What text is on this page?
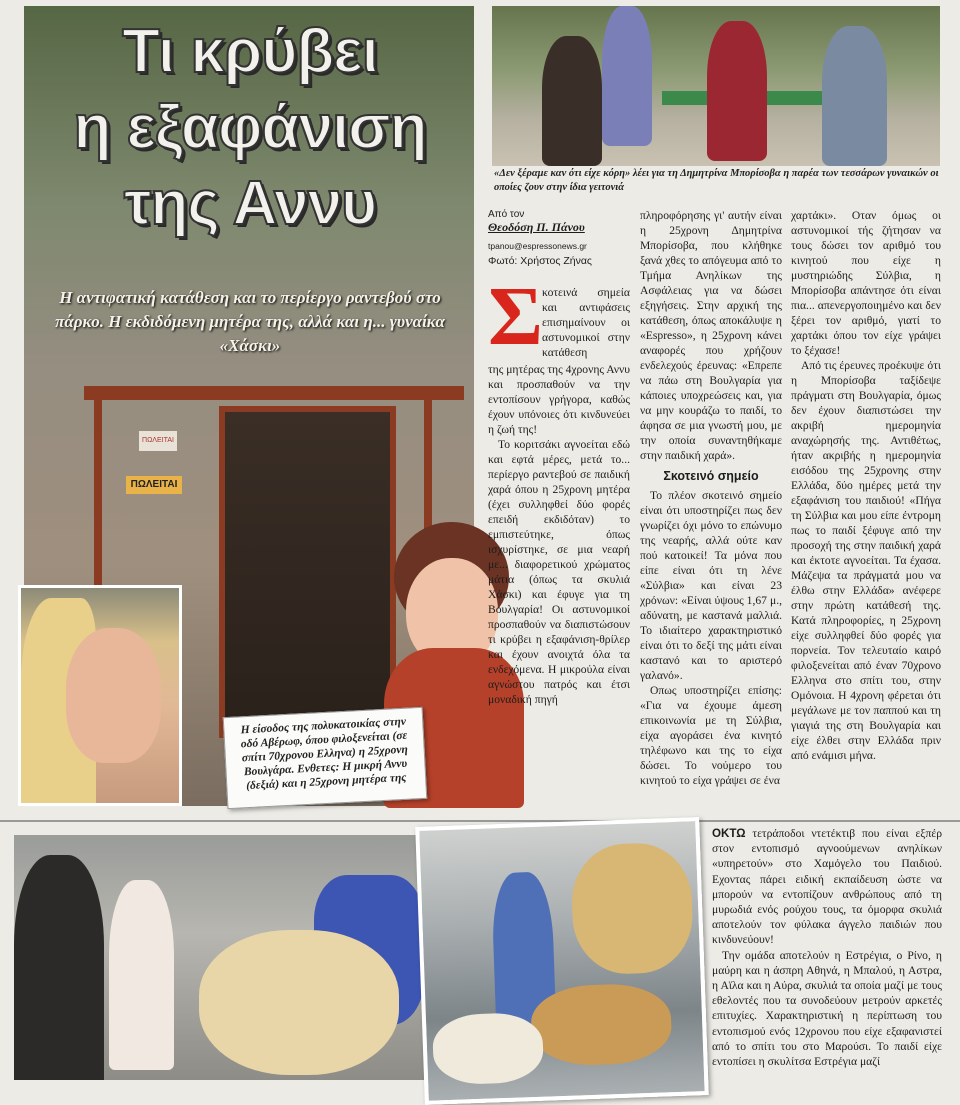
ΠΩΛΕΙΤΑΙ
ΠΩΛΕΙΤΑΙ
Τι κρύβει
η εξαφάνιση
της Αννυ
Η αντιφατική κατάθεση και το περίεργο ραντεβού στο πάρκο. Η εκδιδόμενη μητέρα της, αλλά και η... γυναίκα «Χάσκι»
Η είσοδος της πολυκατοικίας στην οδό Αβέρωφ, όπου φιλοξενείται (σε σπίτι 70χρονου Ελληνα) η 25χρονη Βουλγάρα. Ενθετες: Η μικρή Αννυ (δεξιά) και η 25χρονη μητέρα της
«Δεν ξέραμε καν ότι είχε κόρη» λέει για τη Δημητρίνα Μπορίσοβα η παρέα των τεσσάρων γυναικών οι οποίες ζουν στην ίδια γειτονιά
Από τον
Θεοδόση Π. Πάνου
tpanou@espressonews.gr
Φωτό: Χρήστος Ζήνας
Σ κοτεινά σημεία και αντιφάσεις επισημαίνουν οι αστυνομικοί στην κατάθεση

της μητέρας της 4χρονης Αννυ και προσπαθούν να την εντοπίσουν γρήγορα, καθώς έχουν υπόνοιες ότι κινδυνεύει η ζωή της!

Το κοριτσάκι αγνοείται εδώ και εφτά μέρες, μετά το... περίεργο ραντεβού σε παιδική χαρά όπου η 25χρονη μητέρα (έχει συλληφθεί δύο φορές επειδή εκδιδόταν) το εμπιστεύτηκε, όπως ισχυρίστηκε, σε μια νεαρή με... διαφορετικού χρώματος μάτια (όπως τα σκυλιά Χάσκι) και έφυγε για τη Βουλγαρία! Οι αστυνομικοί προσπαθούν να διαπιστώσουν τι κρύβει η εξαφάνιση-θρίλερ και έχουν ανοιχτά όλα τα ενδεχόμενα. Η μικρούλα είναι αγνώστου πατρός και έτσι μοναδική πηγή

πληροφόρησης γι' αυτήν είναι η 25χρονη Δημητρίνα Μπορίσοβα, που κλήθηκε ξανά χθες το απόγευμα από το Τμήμα Ανηλίκων της Ασφάλειας για να δώσει εξηγήσεις. Στην αρχική της κατάθεση, όπως αποκάλυψε η «Espresso», η 25χρονη κάνει αναφορές που χρήζουν ενδελεχούς έρευνας: «Επρεπε να πάω στη Βουλγαρία για κάποιες υποχρεώσεις και, για να μην κουράζω το παιδί, το άφησα σε μια γνωστή μου, με την οποία συναντηθήκαμε στην παιδική χαρά».

Σκοτεινό σημείο

Το πλέον σκοτεινό σημείο είναι ότι υποστηρίζει πως δεν γνωρίζει όχι μόνο το επώνυμο της νεαρής, αλλά ούτε καν πού κατοικεί! Τα μόνα που είπε είναι ότι τη λένε «Σύλβια» και είναι 23 χρόνων: «Είναι ύψους 1,67 μ., αδύνατη, με καστανά μαλλιά. Το ιδιαίτερο χαρακτηριστικό είναι ότι το δεξί της μάτι είναι καστανό και το αριστερό γαλανό».

Οπως υποστηρίζει επίσης: «Για να έχουμε άμεση επικοινωνία με τη Σύλβια, είχα αγοράσει ένα κινητό τηλέφωνο και της το είχα δώσει. Το νούμερο του κινητού το είχα γράψει σε ένα

χαρτάκι». Οταν όμως οι αστυνομικοί τής ζήτησαν να τους δώσει τον αριθμό του κινητού που είχε η μυστηριώδης Σύλβια, η Μπορίσοβα απάντησε ότι είναι πια... απενεργοποιημένο και δεν ξέρει τον αριθμό, γιατί το χαρτάκι όπου τον είχε γράψει το ξέχασε!

Από τις έρευνες προέκυψε ότι η Μπορίσοβα ταξίδεψε πράγματι στη Βουλγαρία, όμως δεν έχουν διαπιστώσει την ακριβή ημερομηνία αναχώρησής της. Αντιθέτως, ήταν ακριβής η ημερομηνία εισόδου της 25χρονης στην Ελλάδα, δύο ημέρες μετά την εξαφάνιση του παιδιού! «Πήγα τη Σύλβια και μου είπε έντρομη πως το παιδί ξέφυγε από την προσοχή της στην παιδική χαρά και έκτοτε αγνοείται. Τα έχασα. Μάζεψα τα πράγματά μου να έλθω στην Ελλάδα» ανέφερε στην πρώτη κατάθεσή της. Κατά πληροφορίες, η 25χρονη είχε συλληφθεί δύο φορές για πορνεία. Τον τελευταίο καιρό φιλοξενείται από έναν 70χρονο Ελληνα στο σπίτι του, στην Ομόνοια. Η 4χρονη φέρεται ότι μεγάλωνε με τον παππού και τη γιαγιά της στη Βουλγαρία και είχε έλθει στην Ελλάδα πριν από ενάμισι μήνα.

ΟΚΤΩ τετράποδοι ντετέκτιβ που είναι εξπέρ στον εντοπισμό αγνοούμενων ανηλίκων «υπηρετούν» στο Χαμόγελο του Παιδιού. Εχοντας πάρει ειδική εκπαίδευση ώστε να μπορούν να εντοπίζουν ανθρώπους από τη μυρωδιά ενός ρούχου τους, τα όμορφα σκυλιά αποτελούν τον φύλακα άγγελο παιδιών που κινδυνεύουν!

Την ομάδα αποτελούν η Εστρέγια, ο Ρίνο, η μαύρη και η άσπρη Αθηνά, η Μπαλού, η Αστρα, η Αϊλα και η Αύρα, σκυλιά τα οποία μαζί με τους εθελοντές που τα συνοδεύουν μετρούν αρκετές επιτυχίες. Χαρακτηριστική η περίπτωση του εντοπισμού ενός 12χρονου που είχε εξαφανιστεί από το σπίτι του στο Μαρούσι. Το παιδί είχε εντοπίσει η σκυλίτσα Εστρέγια μαζί
